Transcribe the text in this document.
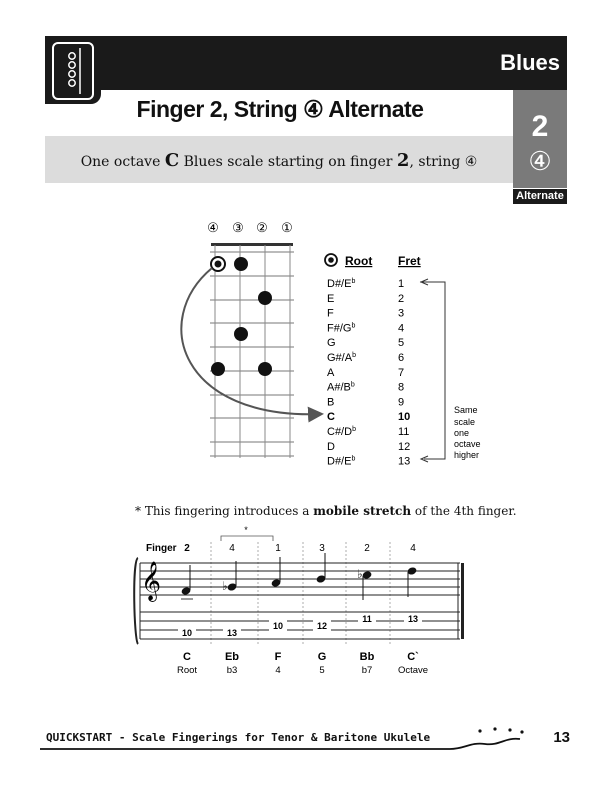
Blues
Finger 2, String ④ Alternate
2
④
Alternate
One octave C Blues scale starting on finger 2, string ④
④ ③ ② ①
Root Fret
$D\#/E^b$	1
E	2
F	3
$F\#/G^b$	4
G	5
$G\#/A^b$	6
A	7
$A\#/B^b$	8
B	9
C	10
$C\#/D^b$	11
D	12
$D\#/E^b$	13
Same
scale
one
octave
higher
* This fingering introduces a mobile stretch of the 4th finger.
Finger
*
2	4	1	3	2	4
𝄞	♭
♭
10	13
10	12
11	13
C	Eb	F	G	Bb	C`
Root	b3	4	5	b7	Octave
QUICKSTART - Scale Fingerings for Tenor & Baritone Ukulele	13
